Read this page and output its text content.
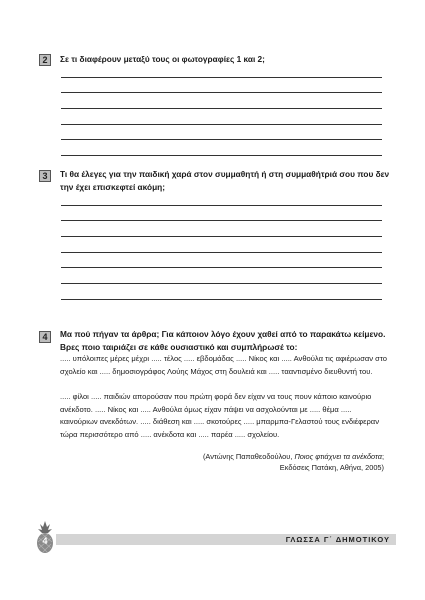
2	Σε τι διαφέρουν μεταξύ τους οι φωτογραφίες 1 και 2;
3	Τι θα έλεγες για την παιδική χαρά στον συμμαθητή ή στη συμμαθήτριά σου που δεν την έχει επισκεφτεί ακόμη;
4	Μα πού πήγαν τα άρθρα; Για κάποιον λόγο έχουν χαθεί από το παρακάτω κείμενο. Βρες ποιο ταιριάζει σε κάθε ουσιαστικό και συμπλήρωσέ το:
..... υπόλοιπες μέρες μέχρι ..... τέλος ..... εβδομάδας ..... Νίκος και ..... Ανθούλα τις αφιέρωσαν στο σχολείο και ..... δημοσιογράφος Λούης Μάχος στη δουλειά και ..... τααντισμένο διευθυντή του.
..... φίλοι ..... παιδιών απορούσαν που πρώτη φορά δεν είχαν να τους πουν κάποιο καινούριο ανέκδοτο. ..... Νίκος και ..... Ανθούλα όμως είχαν πάψει να ασχολούνται με ..... θέμα ..... καινούριων ανεκδότων. ..... διάθεση και ..... σκοτούρες ..... μπαρμπα-Γελαστού τους ενδιέφεραν τώρα περισσότερο από ..... ανέκδοτα και ..... παρέα ..... σχολείου.
(Αντώνης Παπαθεοδούλου, Ποιος φτιάχνει τα ανέκδοτα;
Εκδόσεις Πατάκη, Αθήνα, 2005)
ΓΛΩΣΣΑ Γ΄ ΔΗΜΟΤΙΚΟΥ
4
